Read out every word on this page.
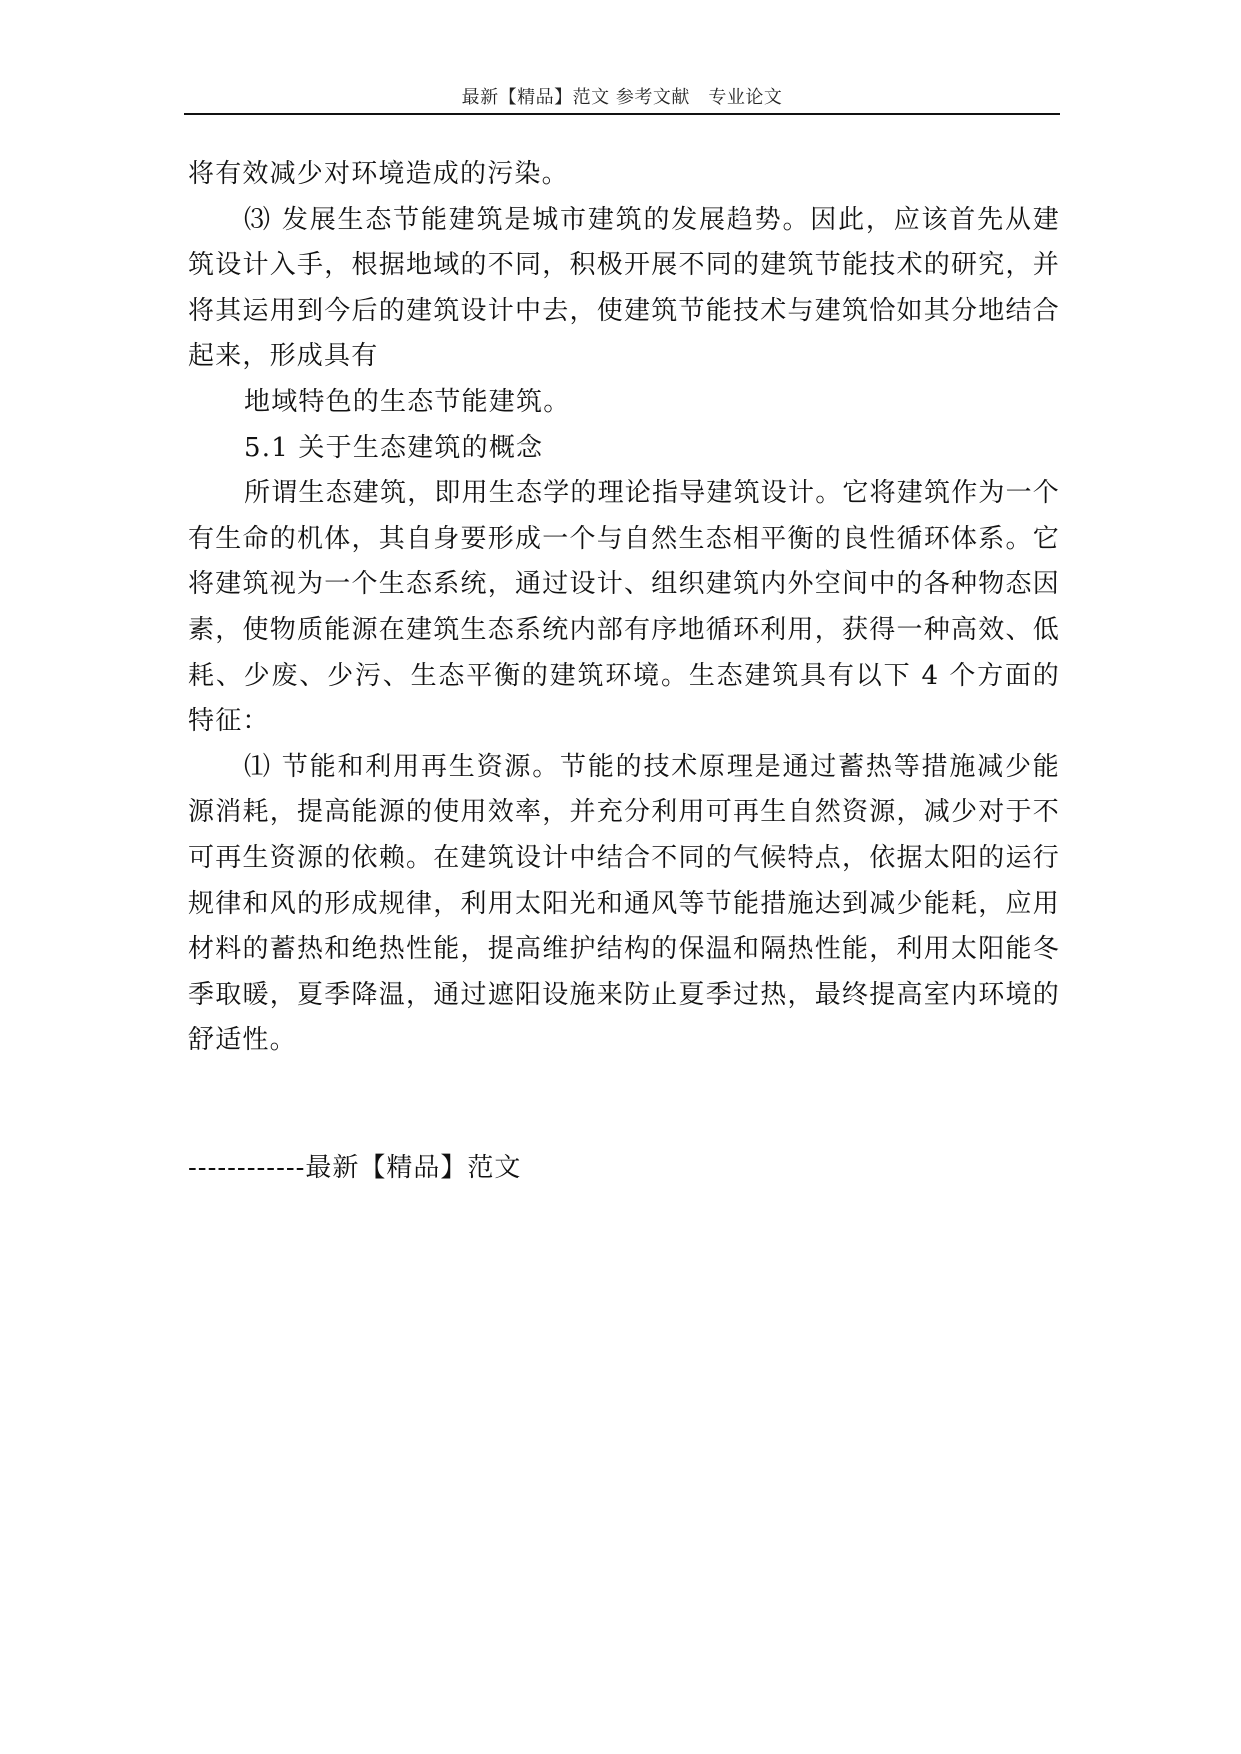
最新【精品】范文 参考文献　专业论文

将有效减少对环境造成的污染。

⑶ 发展生态节能建筑是城市建筑的发展趋势。因此，应该首先从建筑设计入手，根据地域的不同，积极开展不同的建筑节能技术的研究，并将其运用到今后的建筑设计中去，使建筑节能技术与建筑恰如其分地结合起来，形成具有

地域特色的生态节能建筑。

5.1 关于生态建筑的概念

所谓生态建筑，即用生态学的理论指导建筑设计。它将建筑作为一个有生命的机体，其自身要形成一个与自然生态相平衡的良性循环体系。它将建筑视为一个生态系统，通过设计、组织建筑内外空间中的各种物态因素，使物质能源在建筑生态系统内部有序地循环利用，获得一种高效、低耗、少废、少污、生态平衡的建筑环境。生态建筑具有以下 4 个方面的特征：

⑴ 节能和利用再生资源。节能的技术原理是通过蓄热等措施减少能源消耗，提高能源的使用效率，并充分利用可再生自然资源，减少对于不可再生资源的依赖。在建筑设计中结合不同的气候特点，依据太阳的运行规律和风的形成规律，利用太阳光和通风等节能措施达到减少能耗，应用材料的蓄热和绝热性能，提高维护结构的保温和隔热性能，利用太阳能冬季取暖，夏季降温，通过遮阳设施来防止夏季过热，最终提高室内环境的舒适性。

------------最新【精品】范文
